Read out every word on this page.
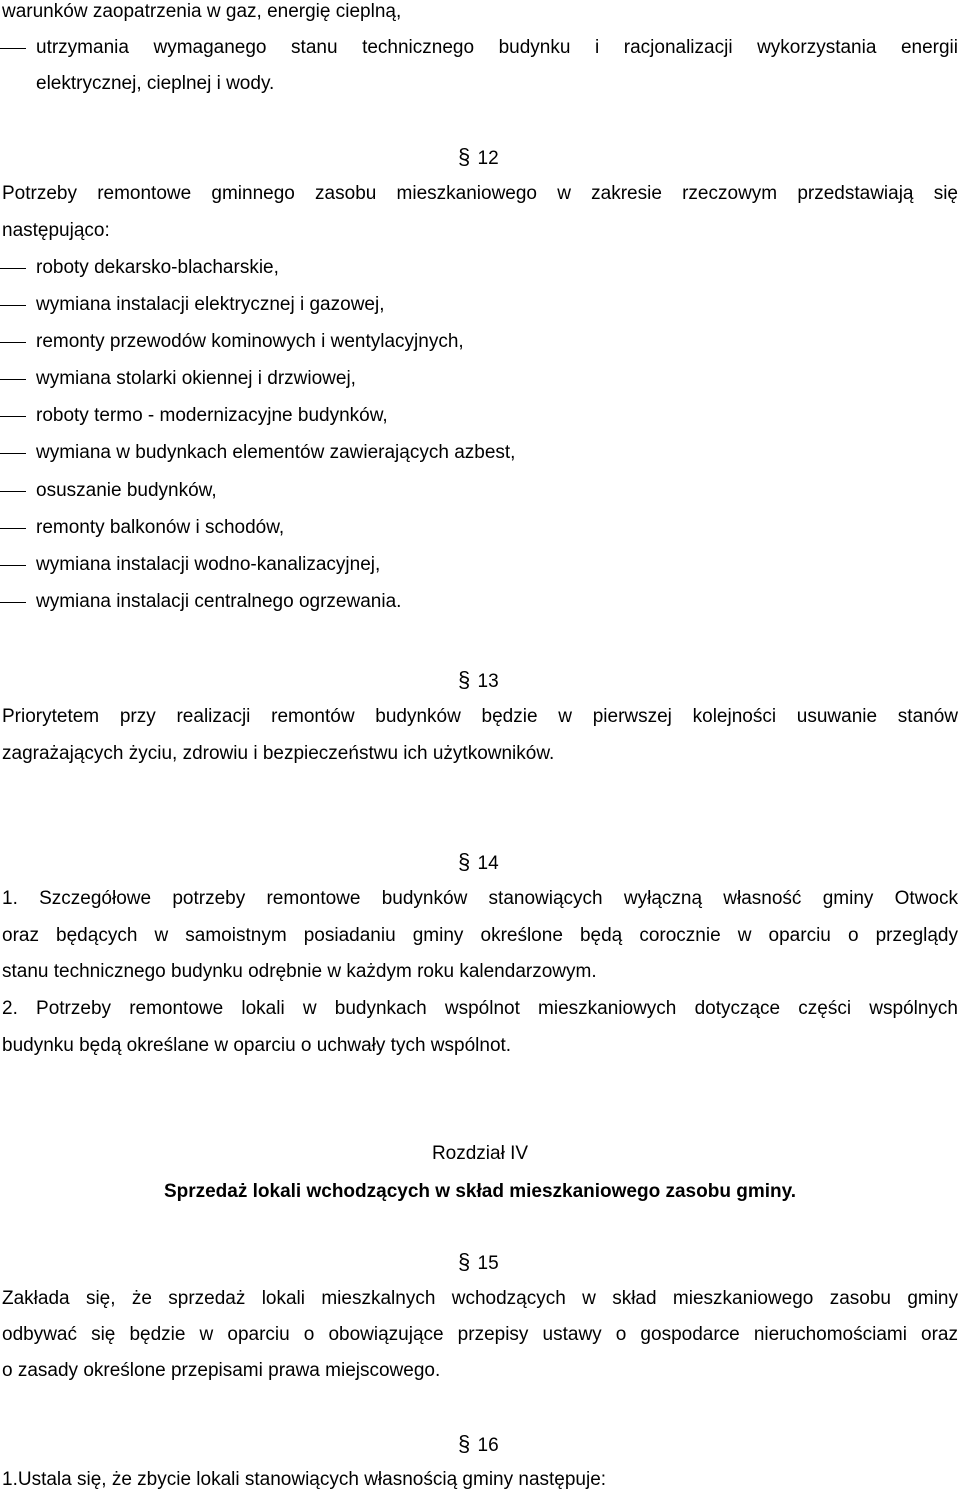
warunków zaopatrzenia w gaz, energię cieplną,
utrzymania wymaganego stanu technicznego budynku i racjonalizacji wykorzystania energii
elektrycznej, cieplnej i wody.
§ 12
Potrzeby remontowe gminnego zasobu mieszkaniowego w zakresie rzeczowym przedstawiają się
następująco:
roboty dekarsko-blacharskie,
wymiana instalacji elektrycznej i gazowej,
remonty przewodów kominowych i wentylacyjnych,
wymiana stolarki okiennej i drzwiowej,
roboty termo - modernizacyjne budynków,
wymiana w budynkach elementów zawierających azbest,
osuszanie budynków,
remonty balkonów i schodów,
wymiana instalacji wodno-kanalizacyjnej,
wymiana instalacji centralnego ogrzewania.
§ 13
Priorytetem przy realizacji remontów budynków będzie w pierwszej kolejności usuwanie stanów
zagrażających życiu, zdrowiu i bezpieczeństwu ich użytkowników.
§ 14
1. Szczegółowe potrzeby remontowe budynków stanowiących wyłączną własność gminy Otwock
oraz będących w samoistnym posiadaniu gminy określone będą corocznie w oparciu o przeglądy
stanu technicznego budynku odrębnie w każdym roku kalendarzowym.
2. Potrzeby remontowe lokali w budynkach wspólnot mieszkaniowych dotyczące części wspólnych
budynku będą określane w oparciu o uchwały tych wspólnot.
Rozdział IV
Sprzedaż lokali wchodzących w skład mieszkaniowego zasobu gminy.
§ 15
Zakłada się, że sprzedaż lokali mieszkalnych wchodzących w skład mieszkaniowego zasobu gminy
odbywać się będzie w oparciu o obowiązujące przepisy ustawy o gospodarce nieruchomościami oraz
o zasady określone przepisami prawa miejscowego.
§ 16
1.Ustala się, że zbycie lokali stanowiących własnością gminy następuje:
